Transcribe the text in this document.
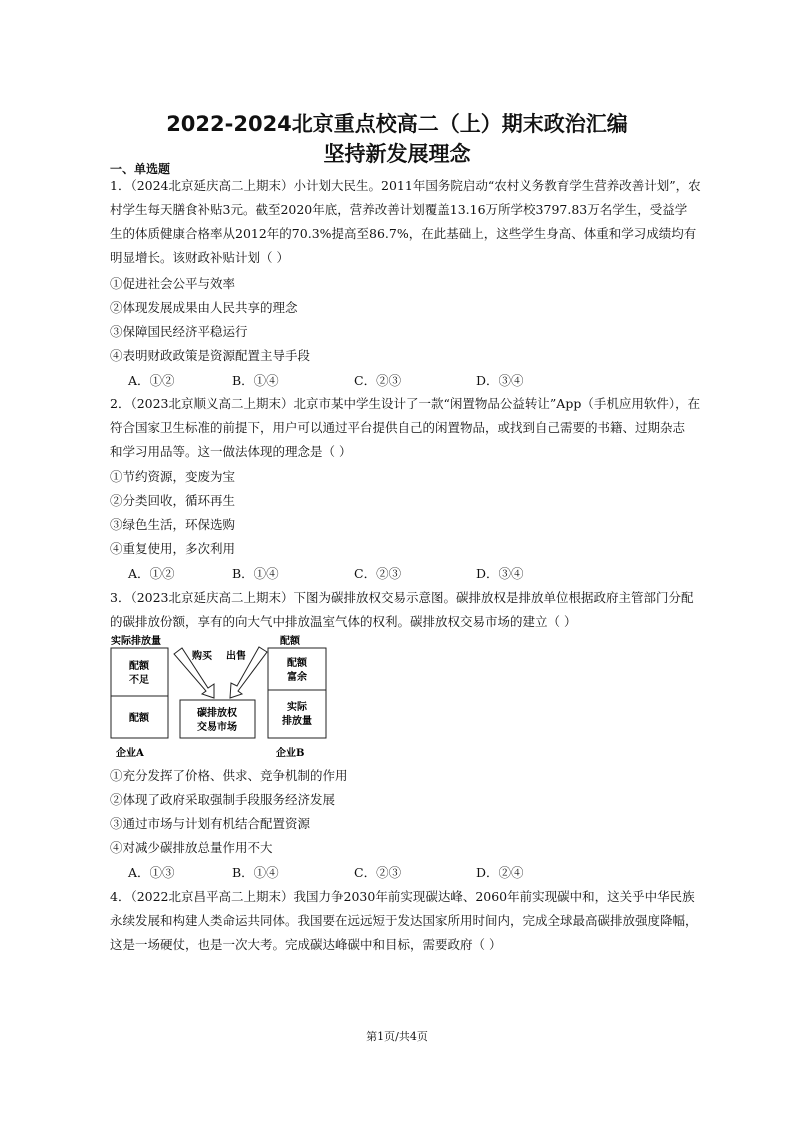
2022-2024北京重点校高二（上）期末政治汇编
坚持新发展理念
一、单选题
1．（2024北京延庆高二上期末）小计划大民生。2011年国务院启动“农村义务教育学生营养改善计划”，农
村学生每天膳食补贴3元。截至2020年底，营养改善计划覆盖13.16万所学校3797.83万名学生，受益学
生的体质健康合格率从2012年的70.3%提高至86.7%，在此基础上，这些学生身高、体重和学习成绩均有
明显增长。该财政补贴计划（ ）
①促进社会公平与效率
②体现发展成果由人民共享的理念
③保障国民经济平稳运行
④表明财政政策是资源配置主导手段
A．①②	B．①④	C．②③	D．③④
2．（2023北京顺义高二上期末）北京市某中学生设计了一款“闲置物品公益转让”App（手机应用软件），在
符合国家卫生标准的前提下，用户可以通过平台提供自己的闲置物品，或找到自己需要的书籍、过期杂志
和学习用品等。这一做法体现的理念是（ ）
①节约资源，变废为宝
②分类回收，循环再生
③绿色生活，环保选购
④重复使用，多次利用
A．①②	B．①④	C．②③	D．③④
3．（2023北京延庆高二上期末）下图为碳排放权交易示意图。碳排放权是排放单位根据政府主管部门分配
的碳排放份额，享有的向大气中排放温室气体的权利。碳排放权交易市场的建立（ ）
实际排放量
配额
不足
配额
企业A
购买 出售
碳排放权
交易市场
配额
配额
富余
实际
排放量
企业B
①充分发挥了价格、供求、竞争机制的作用
②体现了政府采取强制手段服务经济发展
③通过市场与计划有机结合配置资源
④对减少碳排放总量作用不大
A．①③	B．①④	C．②③	D．②④
4．（2022北京昌平高二上期末）我国力争2030年前实现碳达峰、2060年前实现碳中和，这关乎中华民族
永续发展和构建人类命运共同体。我国要在远远短于发达国家所用时间内，完成全球最高碳排放强度降幅，
这是一场硬仗，也是一次大考。完成碳达峰碳中和目标，需要政府（ ）
第1页/共4页
